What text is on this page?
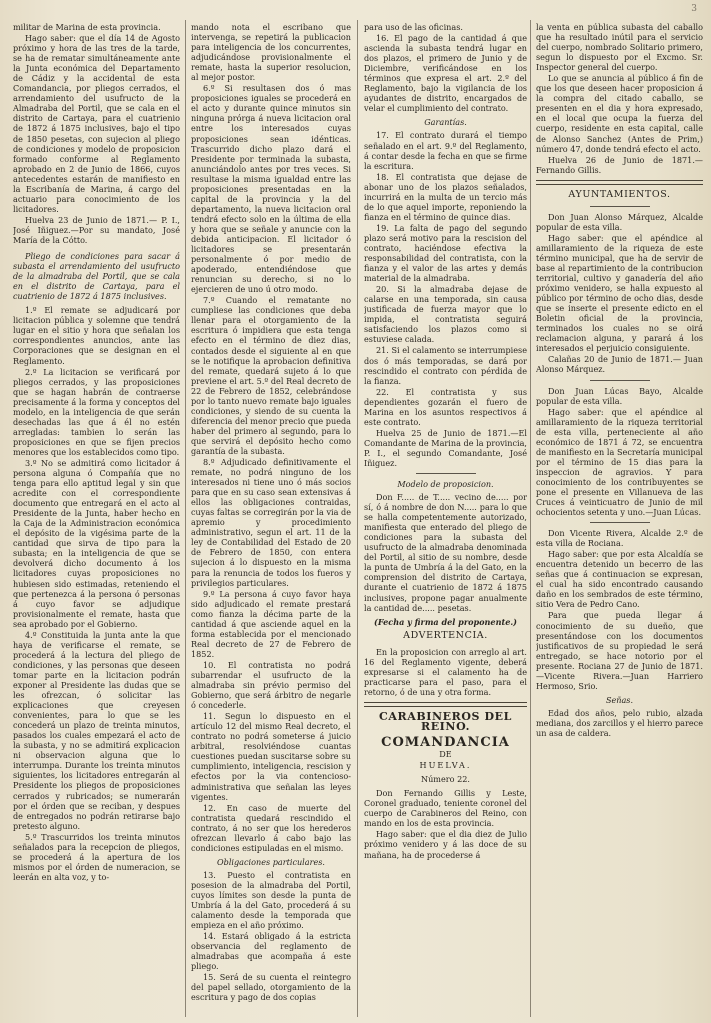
3

militar de Marina de esta provincia.

Hago saber: que el día 14 de Agosto próximo y hora de las tres de la tarde, se ha de rematar simultáneamente ante la Junta económica del Departamento de Cádiz y la accidental de esta Comandancia, por pliegos cerrados, el arrendamiento del usufructo de la Almadraba del Portil, que se cala en el distrito de Cartaya, para el cuatrienio de 1872 á 1875 inclusives, bajo el tipo de 1850 pesetas, con sujecion al pliego de condiciones y modelo de proposicion formado conforme al Reglamento aprobado en 2 de Junio de 1866, cuyos antecedentes estarán de manifiesto en la Escribanía de Marina, á cargo del actuario para conocimiento de los licitadores.

Huelva 23 de Junio de 1871.— P. I., José Iñiguez.—Por su mandato, José María de la Cótto.

Pliego de condiciones para sacar á subasta el arrendamiento del usufructo de la almadraba del Portil, que se cala en el distrito de Cartaya, para el cuatrienio de 1872 á 1875 inclusives.

1.º El remate se adjudicará por licitacion pública y solemne que tendrá lugar en el sitio y hora que señalan los correspondientes anuncios, ante las Corporaciones que se designan en el Reglamento.

2.º La licitacion se verificará por pliegos cerrados, y las proposiciones que se hagan habrán de contraerse precisamente á la forma y conceptos del modelo, en la inteligencia de que serán desechadas las que á él no estén arregladas: tambien lo serán las proposiciones en que se fijen precios menores que los establecidos como tipo.

3.º No se admitirá como licitador á persona alguna ó Compañía que no tenga para ello aptitud legal y sin que acredite con el correspondiente documento que entregará en el acto al Presidente de la Junta, haber hecho en la Caja de la Administracion económica el depósito de la vigésima parte de la cantidad que sirva de tipo para la subasta; en la inteligencia de que se devolverá dicho documento á los licitadores cuyas proposiciones no hubiesen sido estimadas, reteniendo el que pertenezca á la persona ó personas á cuyo favor se adjudique provisionalmente el remate, hasta que sea aprobado por el Gobierno.

4.º Constituida la junta ante la que haya de verificarse el remate, se procederá á la lectura del pliego de condiciones, y las personas que deseen tomar parte en la licitacion podrán exponer al Presidente las dudas que se les ofrezcan, ó solicitar las explicaciones que creyesen convenientes, para lo que se les concederá un plazo de treinta minutos, pasados los cuales empezará el acto de la subasta, y no se admitirá explicacion ni observacion alguna que lo interrumpa. Durante los treinta minutos siguientes, los licitadores entregarán al Presidente los pliegos de proposiciones cerrados y rubricados; se numerarán por el órden que se reciban, y despues de entregados no podrán retirarse bajo pretesto alguno.

5.º Trascurridos los treinta minutos señalados para la recepcion de pliegos, se procederá á la apertura de los mismos por el órden de numeracion, se leerán en alta voz, y to-

mando nota el escribano que intervenga, se repetirá la publicacion para inteligencia de los concurrentes, adjudicándose provisionalmente el remate, hasta la superior resolucion, al mejor postor.

6.º Si resultasen dos ó mas proposiciones iguales se procederá en el acto y durante quince minutos sin ninguna prórga á nueva licitacion oral entre los interesados cuyas proposiciones sean idénticas. Trascurrido dicho plazo dará el Presidente por terminada la subasta, anunciándolo antes por tres veces. Si resultase la misma igualdad entre las proposiciones presentadas en la capital de la provincia y la del departamento, la nueva licitacion oral tendrá efecto solo en la última de ella y hora que se señale y anuncie con la debida anticipacion. El licitador ó licitadores se presentarán personalmente ó por medio de apoderado, entendiéndose que renuncian su derecho, si no lo ejercieren de uno ú otro modo.

7.º Cuando el rematante no cumpliese las condiciones que deba llenar para el otorgamiento de la escritura ó impidiera que esta tenga efecto en el término de diez dias, contados desde el siguiente al en que se le notifique la aprobacion definitiva del remate, quedará sujeto á lo que previene el art. 5.º del Real decreto de 22 de Febrero de 1852, celebrándose por lo tanto nuevo remate bajo iguales condiciones, y siendo de su cuenta la diferencia del menor precio que pueda haber del primero al segundo, para lo que servirá el depósito hecho como garantía de la subasta.

8.º Adjudicado definitivamente el remate, no podrá ninguno de los interesados ni tiene uno ó más socios para que en su caso sean extensivas á ellos las obligaciones contraidas, cuyas faltas se corregirán por la via de apremio y procedimiento administrativo, segun el art. 11 de la ley de Contabilidad del Estado de 20 de Febrero de 1850, con entera sujecion á lo dispuesto en la misma para la renuncia de todos los fueros y privilegios particulares.

9.º La persona á cuyo favor haya sido adjudicado el remate prestará como fianza la décima parte de la cantidad á que asciende aquel en la forma establecida por el mencionado Real decreto de 27 de Febrero de 1852.

10. El contratista no podrá subarrendar el usufructo de la almadraba sin prévio permiso del Gobierno, que será árbitro de negarle ó concederle.

11. Segun lo dispuesto en el artículo 12 del mismo Real decreto, el contrato no podrá someterse á juicio arbitral, resolviéndose cuantas cuestiones puedan suscitarse sobre su cumplimiento, inteligencia, rescision y efectos por la via contencioso-administrativa que señalan las leyes vigentes.

12. En caso de muerte del contratista quedará rescindido el contrato, á no ser que los herederos ofrezcan llevarlo á cabo bajo las condiciones estipuladas en el mismo.

Obligaciones particulares.

13. Puesto el contratista en posesion de la almadraba del Portil, cuyos límites son desde la punta de Umbría á la del Gato, procederá á su calamento desde la temporada que empieza en el año próximo.

14. Estará obligado á la estricta observancia del reglamento de almadrabas que acompaña á este pliego.

15. Será de su cuenta el reintegro del papel sellado, otorgamiento de la escritura y pago de dos copias

para uso de las oficinas.

16. El pago de la cantidad á que ascienda la subasta tendrá lugar en dos plazos, el primero de Junio y de Diciembre, verificándose en los términos que expresa el art. 2.º del Reglamento, bajo la vigilancia de los ayudantes de distrito, encargados de velar el cumplimiento del contrato.

Garantías.

17. El contrato durará el tiempo señalado en el art. 9.º del Reglamento, á contar desde la fecha en que se firme la escritura.

18. El contratista que dejase de abonar uno de los plazos señalados, incurrirá en la multa de un tercio más de lo que aquel importe, reponiendo la fianza en el término de quince dias.

19. La falta de pago del segundo plazo será motivo para la rescision del contrato, haciéndose efectiva la responsabilidad del contratista, con la fianza y el valor de las artes y demás material de la almadraba.

20. Si la almadraba dejase de calarse en una temporada, sin causa justificada de fuerza mayor que lo impida, el contratista seguirá satisfaciendo los plazos como si estuviese calada.

21. Si el calamento se interrumpiese dos ó más temporadas, se dará por rescindido el contrato con pérdida de la fianza.

22. El contratista y sus dependientes gozarán el fuero de Marina en los asuntos respectivos á este contrato.

Huelva 25 de Junio de 1871.—El Comandante de Marina de la provincia, P. I., el segundo Comandante, José Iñiguez.

Modelo de proposicion.

Don F..... de T..... vecino de..... por sí, ó á nombre de don N..... para lo que se halla competentemente autorizado, manifiesta que enterado del pliego de condiciones para la subasta del usufructo de la almadraba denominada del Portil, al sitio de su nombre, desde la punta de Umbría á la del Gato, en la comprension del distrito de Cartaya, durante el cuatrienio de 1872 á 1875 inclusives, propone pagar anualmente la cantidad de..... pesetas.

(Fecha y firma del proponente.)

ADVERTENCIA.

En la proposicion con arreglo al art. 16 del Reglamento vigente, deberá expresarse si el calamento ha de practicarse para el paso, para el retorno, ó de una y otra forma.

CARABINEROS DEL REINO.

COMANDANCIA

DE

HUELVA.

Número 22.

Don Fernando Gillis y Leste, Coronel graduado, teniente coronel del cuerpo de Carabineros del Reino, con mando en los de esta provincia.

Hago saber: que el dia diez de Julio próximo venidero y á las doce de su mañana, ha de procederse á

la venta en pública subasta del caballo que ha resultado inútil para el servicio del cuerpo, nombrado Solitario primero, segun lo dispuesto por el Excmo. Sr. Inspector general del cuerpo.

Lo que se anuncia al público á fin de que los que deseen hacer proposicion á la compra del citado caballo, se presenten en el dia y hora expresado, en el local que ocupa la fuerza del cuerpo, residente en esta capital, calle de Alonso Sanchez (Antes de Prim,) número 47, donde tendrá efecto el acto.

Huelva 26 de Junio de 1871.— Fernando Gillis.

AYUNTAMIENTOS.

Don Juan Alonso Márquez, Alcalde popular de esta villa.

Hago saber: que el apéndice al amillaramiento de la riqueza de este término municipal, que ha de servir de base al repartimiento de la contribucion territorial, cultivo y ganadería del año próximo venidero, se halla expuesto al público por término de ocho dias, desde que se inserte el presente edicto en el Boletin oficial de la provincia, terminados los cuales no se oirá reclamacion alguna, y parará á los interesados el perjuicio consiguiente.

Calañas 20 de Junio de 1871.— Juan Alonso Márquez.

Don Juan Lúcas Bayo, Alcalde popular de esta villa.

Hago saber: que el apéndice al amillaramiento de la riqueza territorial de esta villa, perteneciente al año económico de 1871 á 72, se encuentra de manifiesto en la Secretaría municipal por el término de 15 dias para la inspeccion de agravios. Y para conocimiento de los contribuyentes se pone el presente en Villanueva de las Cruces á veinticuatro de Junio de mil ochocientos setenta y uno.—Juan Lúcas.

Don Vicente Rivera, Alcalde 2.º de esta villa de Rociana.

Hago saber: que por esta Alcaldía se encuentra detenido un becerro de las señas que á continuacion se expresan, el cual ha sido encontrado causando daño en los sembrados de este término, sitio Vera de Pedro Cano.

Para que pueda llegar á conocimiento de su dueño, que presentándose con los documentos justificativos de su propiedad le será entregado, se hace notorio por el presente. Rociana 27 de Junio de 1871. —Vicente Rivera.—Juan Harriero Hermoso, Srio.

Señas.

Edad dos años, pelo rubio, alzada mediana, dos zarcillos y el hierro parece un asa de caldera.
